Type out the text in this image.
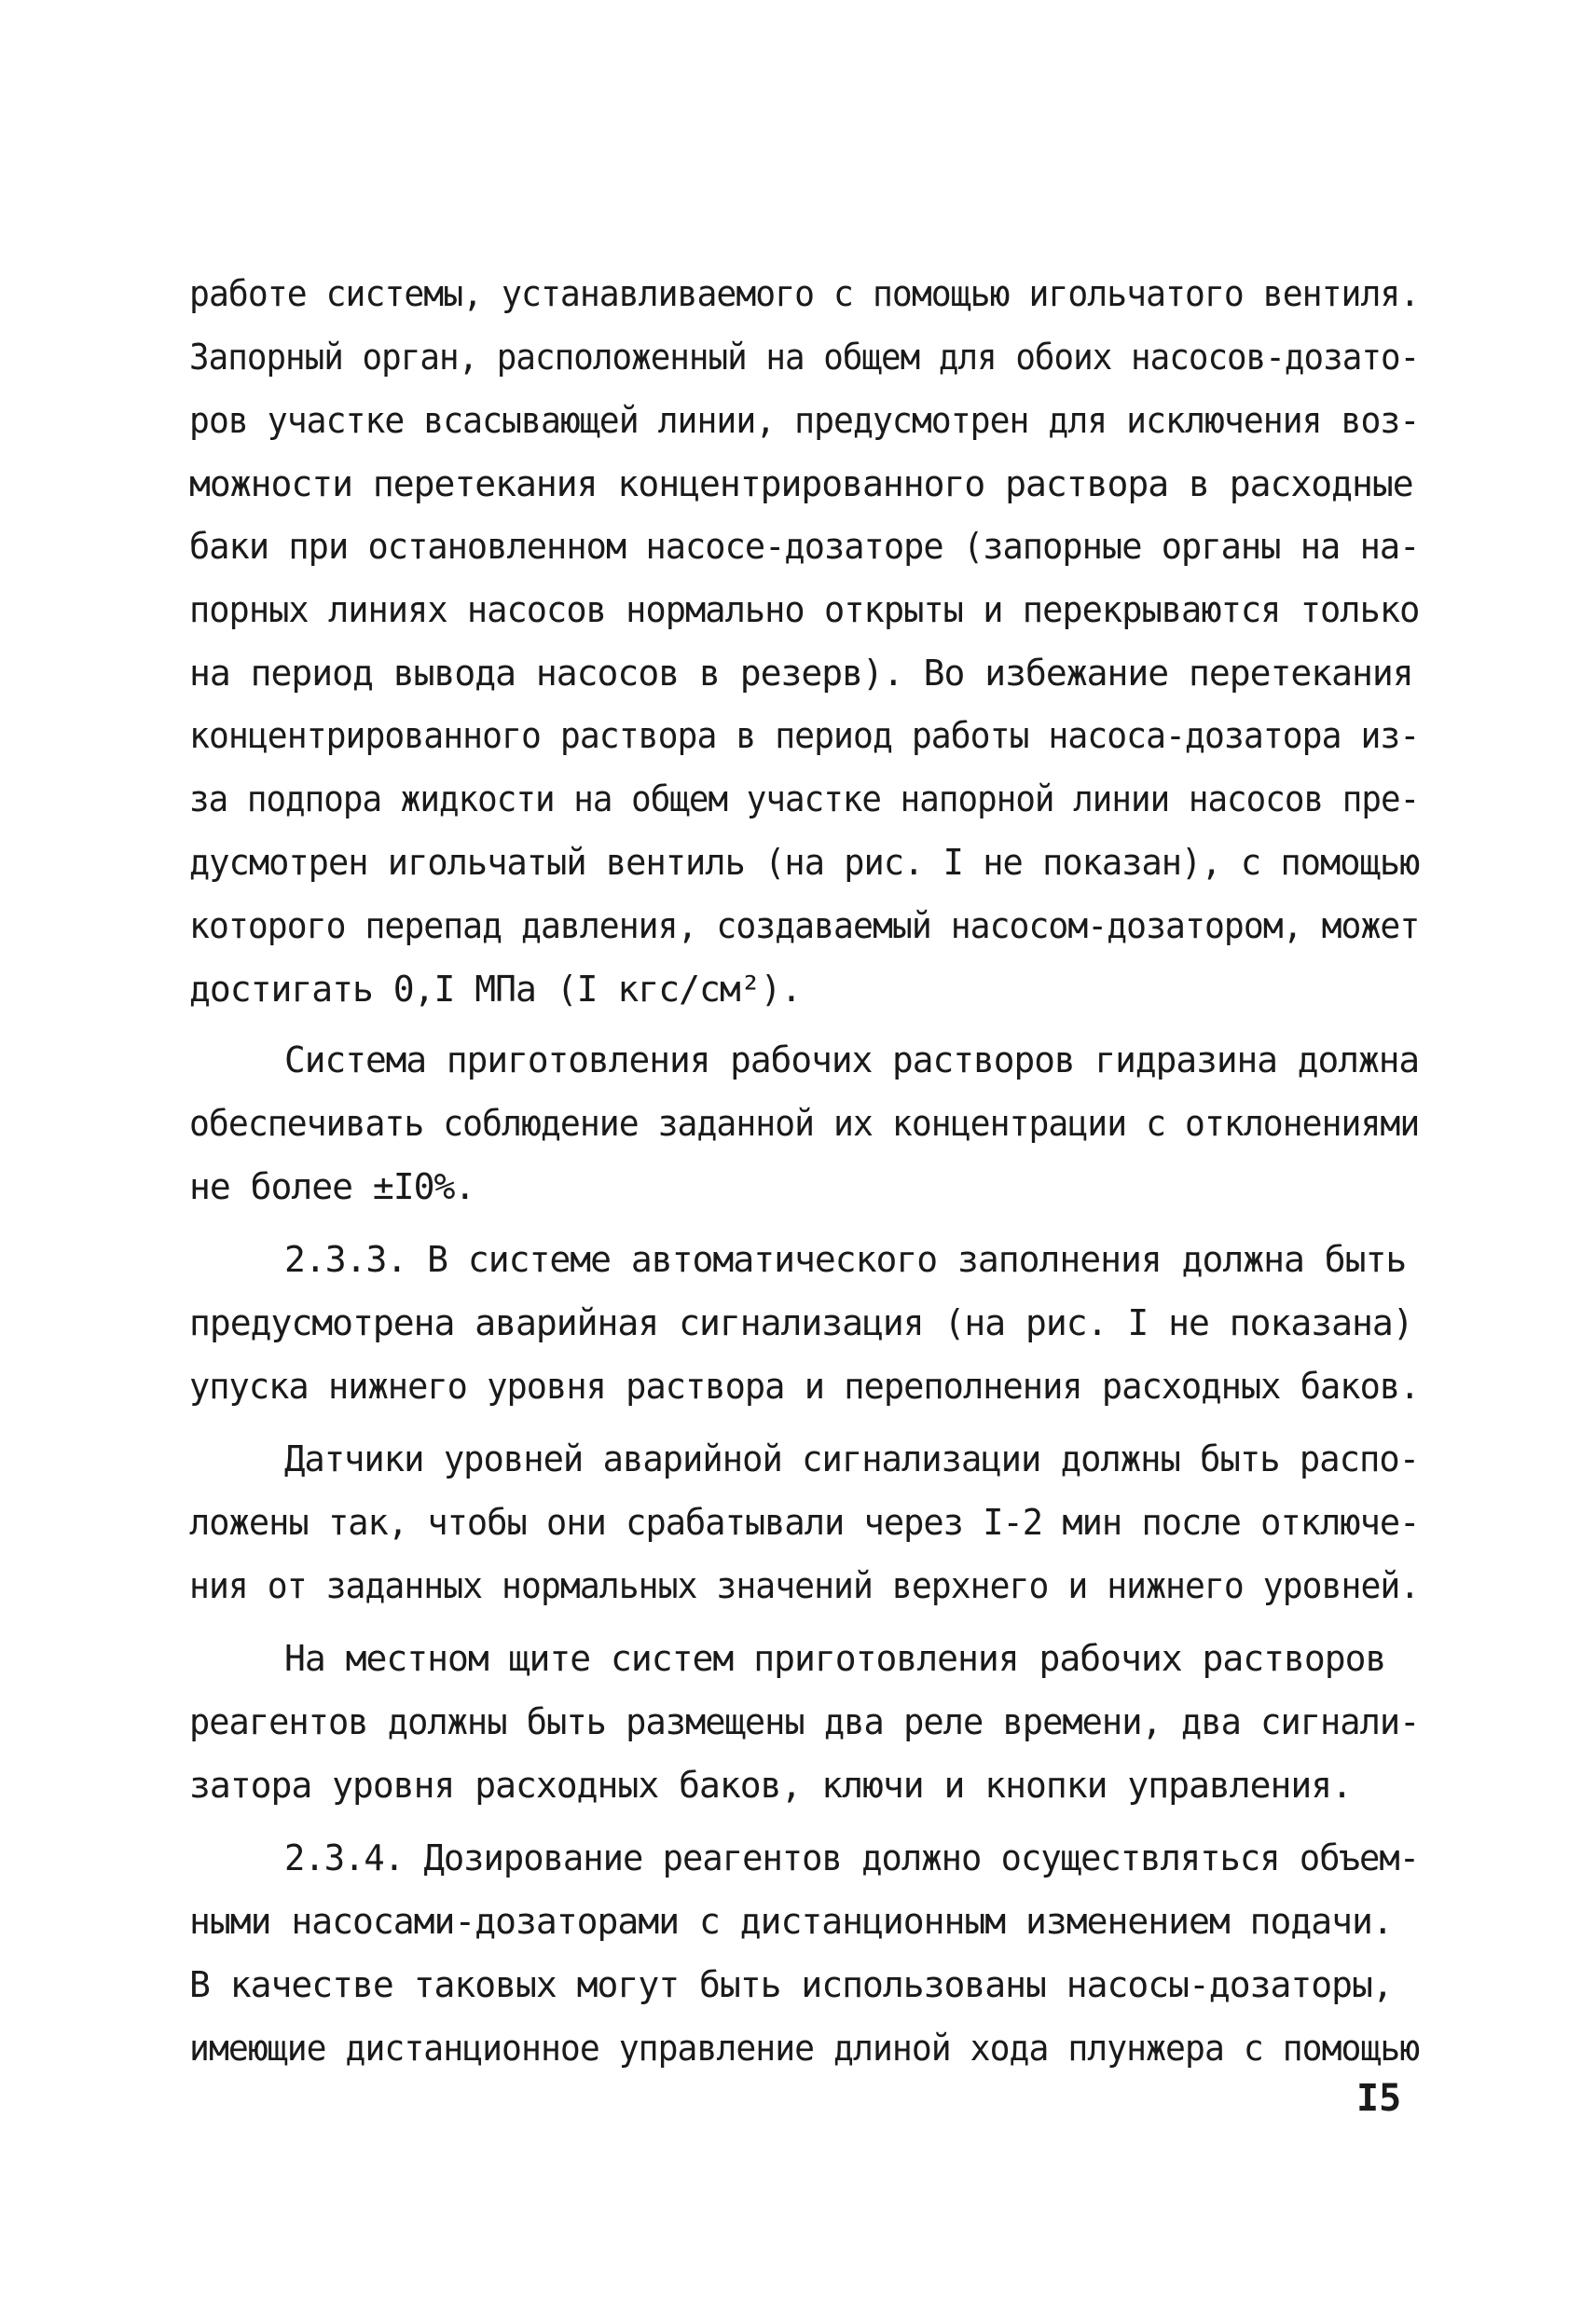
работе системы, устанавливаемого с помощью игольчатого вентиля.
Запорный орган, расположенный на общем для обоих насосов-дозато-
ров участке всасывающей линии, предусмотрен для исключения воз-
можности перетекания концентрированного раствора в расходные
баки при остановленном насосе-дозаторе (запорные органы на на-
порных линиях насосов нормально открыты и перекрываются только
на период вывода насосов в резерв). Во избежание перетекания
концентрированного раствора в период работы насоса-дозатора из-
за подпора жидкости на общем участке напорной линии насосов пре-
дусмотрен игольчатый вентиль (на рис. I не показан), с помощью
которого перепад давления, создаваемый насосом-дозатором, может
достигать 0,I МПа (I кгс/см²).
Система приготовления рабочих растворов гидразина должна
обеспечивать соблюдение заданной их концентрации с отклонениями
не более ±I0%.
2.3.3. В системе автоматического заполнения должна быть
предусмотрена аварийная сигнализация (на рис. I не показана)
упуска нижнего уровня раствора и переполнения расходных баков.
Датчики уровней аварийной сигнализации должны быть распо-
ложены так, чтобы они срабатывали через I-2 мин после отключе-
ния от заданных нормальных значений верхнего и нижнего уровней.
На местном щите систем приготовления рабочих растворов
реагентов должны быть размещены два реле времени, два сигнали-
затора уровня расходных баков, ключи и кнопки управления.
2.3.4. Дозирование реагентов должно осуществляться объем-
ными насосами-дозаторами с дистанционным изменением подачи.
В качестве таковых могут быть использованы насосы-дозаторы,
имеющие дистанционное управление длиной хода плунжера с помощью
I5
